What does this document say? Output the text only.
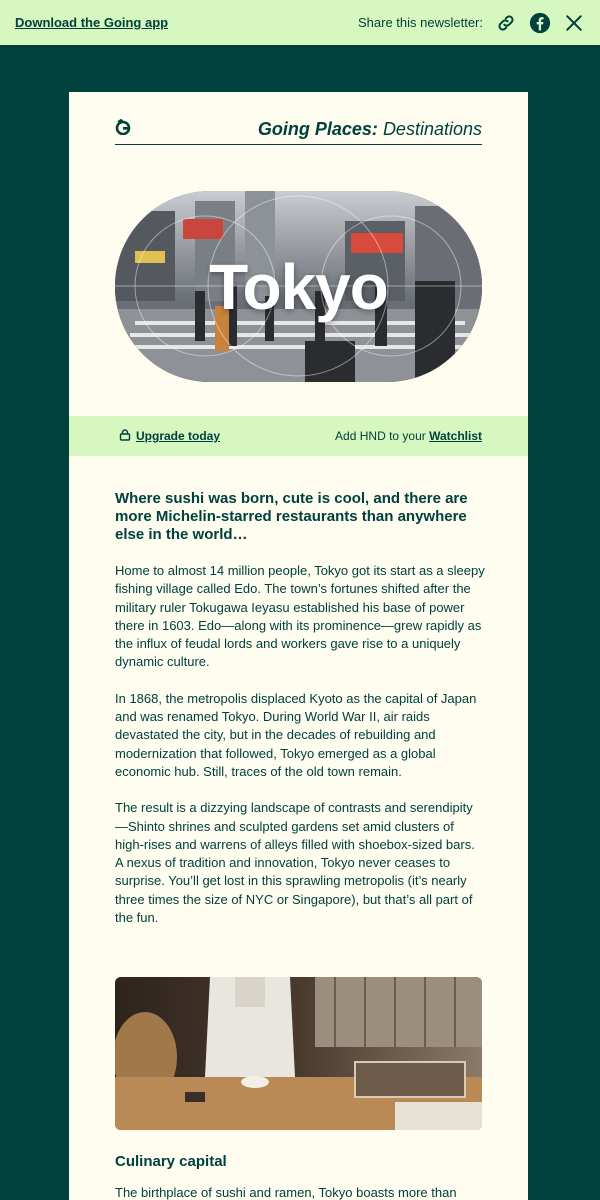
Download the Going app	Share this newsletter:
Going Places: Destinations
Tokyo
Upgrade today	Add HND to your Watchlist

Where sushi was born, cute is cool, and there are more Michelin-starred restaurants than anywhere else in the world…

Home to almost 14 million people, Tokyo got its start as a sleepy fishing village called Edo. The town’s fortunes shifted after the military ruler Tokugawa Ieyasu established his base of power there in 1603. Edo—along with its prominence—grew rapidly as the influx of feudal lords and workers gave rise to a uniquely dynamic culture.

In 1868, the metropolis displaced Kyoto as the capital of Japan and was renamed Tokyo. During World War II, air raids devastated the city, but in the decades of rebuilding and modernization that followed, Tokyo emerged as a global economic hub. Still, traces of the old town remain.

The result is a dizzying landscape of contrasts and serendipity—Shinto shrines and sculpted gardens set amid clusters of high-rises and warrens of alleys filled with shoebox-sized bars. A nexus of tradition and innovation, Tokyo never ceases to surprise. You’ll get lost in this sprawling metropolis (it’s nearly three times the size of NYC or Singapore), but that’s all part of the fun.

Culinary capital
The birthplace of sushi and ramen, Tokyo boasts more than
